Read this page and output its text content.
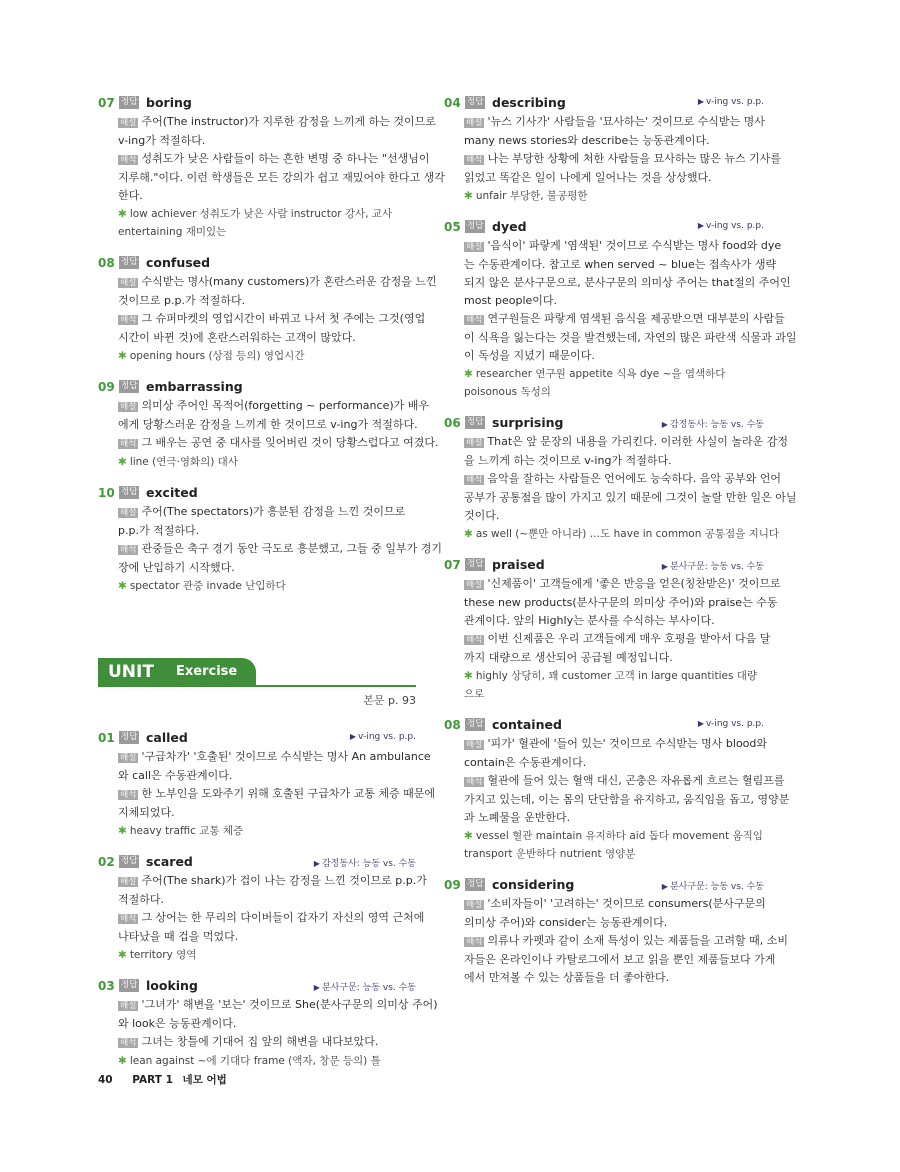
07 정답 boring
해설 주어(The instructor)가 지루한 감정을 느끼게 하는 것이므로
v-ing가 적절하다.
해석 성취도가 낮은 사람들이 하는 흔한 변명 중 하나는 "선생님이
지루해."이다. 이런 학생들은 모든 강의가 쉽고 재밌어야 한다고 생각
한다.
✱ low achiever 성취도가 낮은 사람 instructor 강사, 교사
entertaining 재미있는
08 정답 confused
해설 수식받는 명사(many customers)가 혼란스러운 감정을 느낀
것이므로 p.p.가 적절하다.
해석 그 슈퍼마켓의 영업시간이 바뀌고 나서 첫 주에는 그것(영업
시간이 바뀐 것)에 혼란스러워하는 고객이 많았다.
✱ opening hours (상점 등의) 영업시간
09 정답 embarrassing
해설 의미상 주어인 목적어(forgetting ~ performance)가 배우
에게 당황스러운 감정을 느끼게 한 것이므로 v-ing가 적절하다.
해석 그 배우는 공연 중 대사를 잊어버린 것이 당황스럽다고 여겼다.
✱ line (연극·영화의) 대사
10 정답 excited
해설 주어(The spectators)가 흥분된 감정을 느낀 것이므로
p.p.가 적절하다.
해석 관중들은 축구 경기 동안 극도로 흥분했고, 그들 중 일부가 경기
장에 난입하기 시작했다.
✱ spectator 관중 invade 난입하다
UNIT Exercise
본문 p. 93
01 정답 called	▶ v-ing vs. p.p.
해설 '구급차가' '호출된' 것이므로 수식받는 명사 An ambulance
와 call은 수동관계이다.
해석 한 노부인을 도와주기 위해 호출된 구급차가 교통 체증 때문에
지체되었다.
✱ heavy traffic 교통 체증
02 정답 scared	▶ 감정동사: 능동 vs. 수동
해설 주어(The shark)가 겁이 나는 감정을 느낀 것이므로 p.p.가
적절하다.
해석 그 상어는 한 무리의 다이버들이 갑자기 자신의 영역 근처에
나타났을 때 겁을 먹었다.
✱ territory 영역
03 정답 looking	▶ 분사구문: 능동 vs. 수동
해설 '그녀가' 해변을 '보는' 것이므로 She(분사구문의 의미상 주어)
와 look은 능동관계이다.
해석 그녀는 창틀에 기대어 집 앞의 해변을 내다보았다.
✱ lean against ~에 기대다 frame (액자, 창문 등의) 틀
04 정답 describing	▶ v-ing vs. p.p.
해설 '뉴스 기사가' 사람들을 '묘사하는' 것이므로 수식받는 명사
many news stories와 describe는 능동관계이다.
해석 나는 부당한 상황에 처한 사람들을 묘사하는 많은 뉴스 기사를
읽었고 똑같은 일이 나에게 일어나는 것을 상상했다.
✱ unfair 부당한, 불공평한
05 정답 dyed	▶ v-ing vs. p.p.
해설 '음식이' 파랗게 '염색된' 것이므로 수식받는 명사 food와 dye
는 수동관계이다. 참고로 when served ~ blue는 접속사가 생략
되지 않은 분사구문으로, 분사구문의 의미상 주어는 that절의 주어인
most people이다.
해석 연구원들은 파랗게 염색된 음식을 제공받으면 대부분의 사람들
이 식욕을 잃는다는 것을 발견했는데, 자연의 많은 파란색 식물과 과일
이 독성을 지녔기 때문이다.
✱ researcher 연구원 appetite 식욕 dye ~을 염색하다
poisonous 독성의
06 정답 surprising	▶ 감정동사: 능동 vs. 수동
해설 That은 앞 문장의 내용을 가리킨다. 이러한 사실이 놀라운 감정
을 느끼게 하는 것이므로 v-ing가 적절하다.
해석 음악을 잘하는 사람들은 언어에도 능숙하다. 음악 공부와 언어
공부가 공통점을 많이 가지고 있기 때문에 그것이 놀랄 만한 일은 아닐
것이다.
✱ as well (~뿐만 아니라) …도 have in common 공통점을 지니다
07 정답 praised	▶ 분사구문: 능동 vs. 수동
해설 '신제품이' 고객들에게 '좋은 반응을 얻은(칭찬받은)' 것이므로
these new products(분사구문의 의미상 주어)와 praise는 수동
관계이다. 앞의 Highly는 분사를 수식하는 부사이다.
해석 이번 신제품은 우리 고객들에게 매우 호평을 받아서 다음 달
까지 대량으로 생산되어 공급될 예정입니다.
✱ highly 상당히, 꽤 customer 고객 in large quantities 대량
으로
08 정답 contained	▶ v-ing vs. p.p.
해설 '피가' 혈관에 '들어 있는' 것이므로 수식받는 명사 blood와
contain은 수동관계이다.
해석 혈관에 들어 있는 혈액 대신, 곤충은 자유롭게 흐르는 혈림프를
가지고 있는데, 이는 몸의 단단함을 유지하고, 움직임을 돕고, 영양분
과 노폐물을 운반한다.
✱ vessel 혈관 maintain 유지하다 aid 돕다 movement 움직임
transport 운반하다 nutrient 영양분
09 정답 considering	▶ 분사구문: 능동 vs. 수동
해설 '소비자들이' '고려하는' 것이므로 consumers(분사구문의
의미상 주어)와 consider는 능동관계이다.
해석 의류나 카펫과 같이 소재 특성이 있는 제품들을 고려할 때, 소비
자들은 온라인이나 카탈로그에서 보고 읽을 뿐인 제품들보다 가게
에서 만져볼 수 있는 상품들을 더 좋아한다.
40 PART 1 네모 어법
